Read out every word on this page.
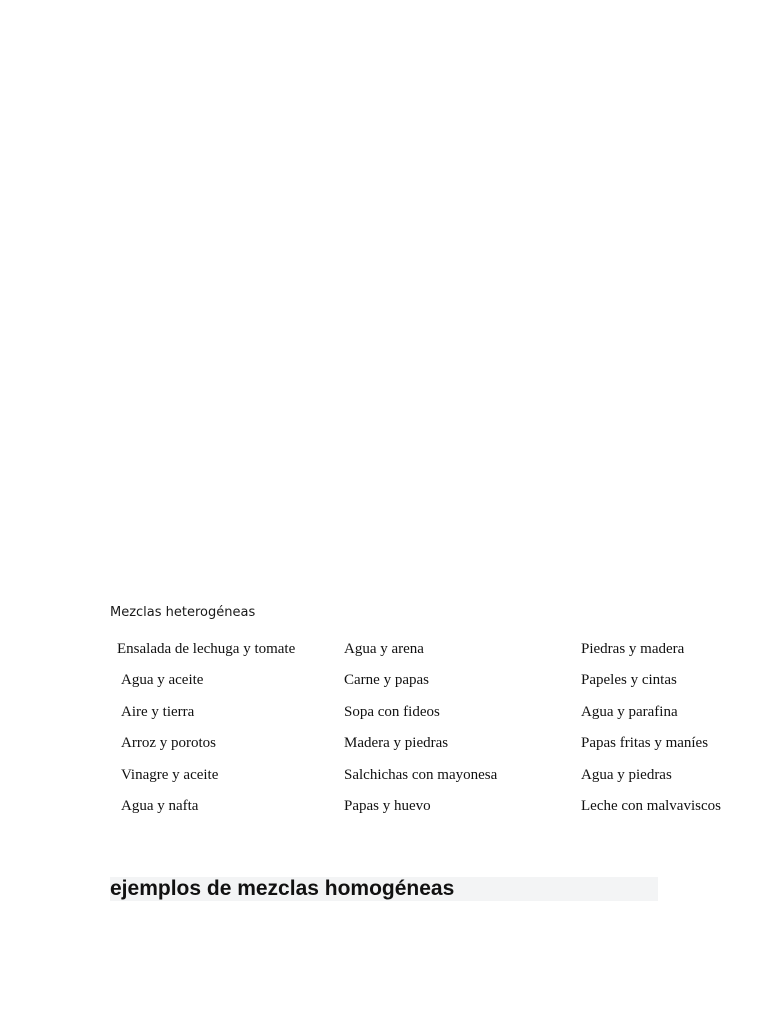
Mezclas heterogéneas
Ensalada de lechuga y tomate	Agua y arena	Piedras y madera
Agua y aceite	Carne y papas	Papeles y cintas
Aire y tierra	Sopa con fideos	Agua y parafina
Arroz y porotos	Madera y piedras	Papas fritas y maníes
Vinagre y aceite	Salchichas con mayonesa	Agua y piedras
Agua y nafta	Papas y huevo	Leche con malvaviscos
ejemplos de mezclas homogéneas
